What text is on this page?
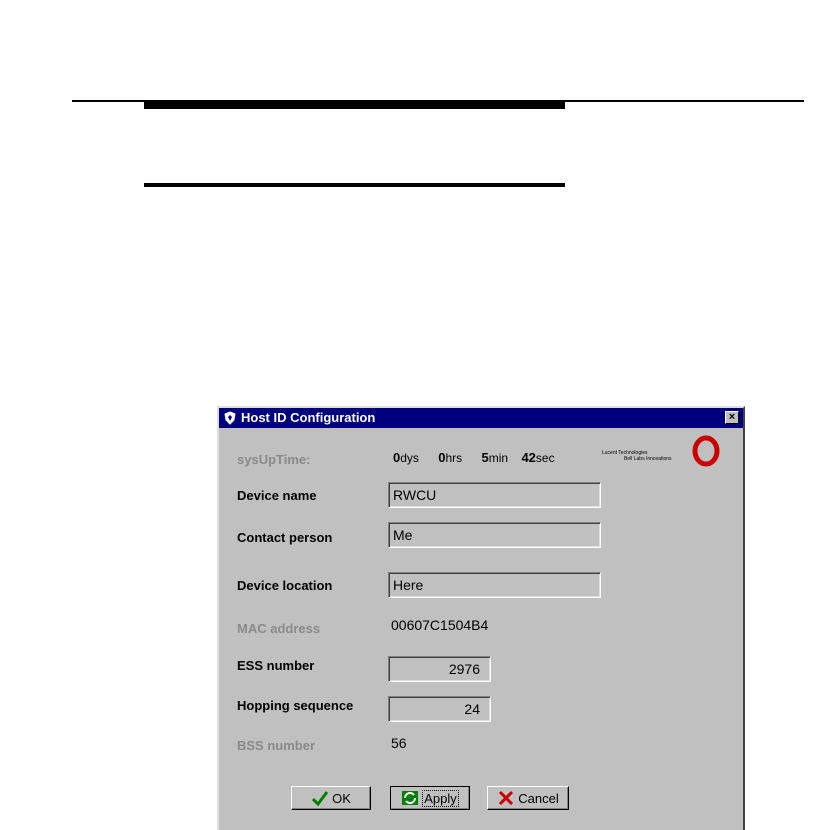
Host ID Configuration	×
sysUpTime:	0dys 0hrs 5min 42sec	Lucent Technologies
Bell Labs Innovations
Device name	RWCU
Contact person	Me
Device location	Here
MAC address	00607C1504B4
ESS number	2976
Hopping sequence	24
BSS number	56
OK	Apply	Cancel
